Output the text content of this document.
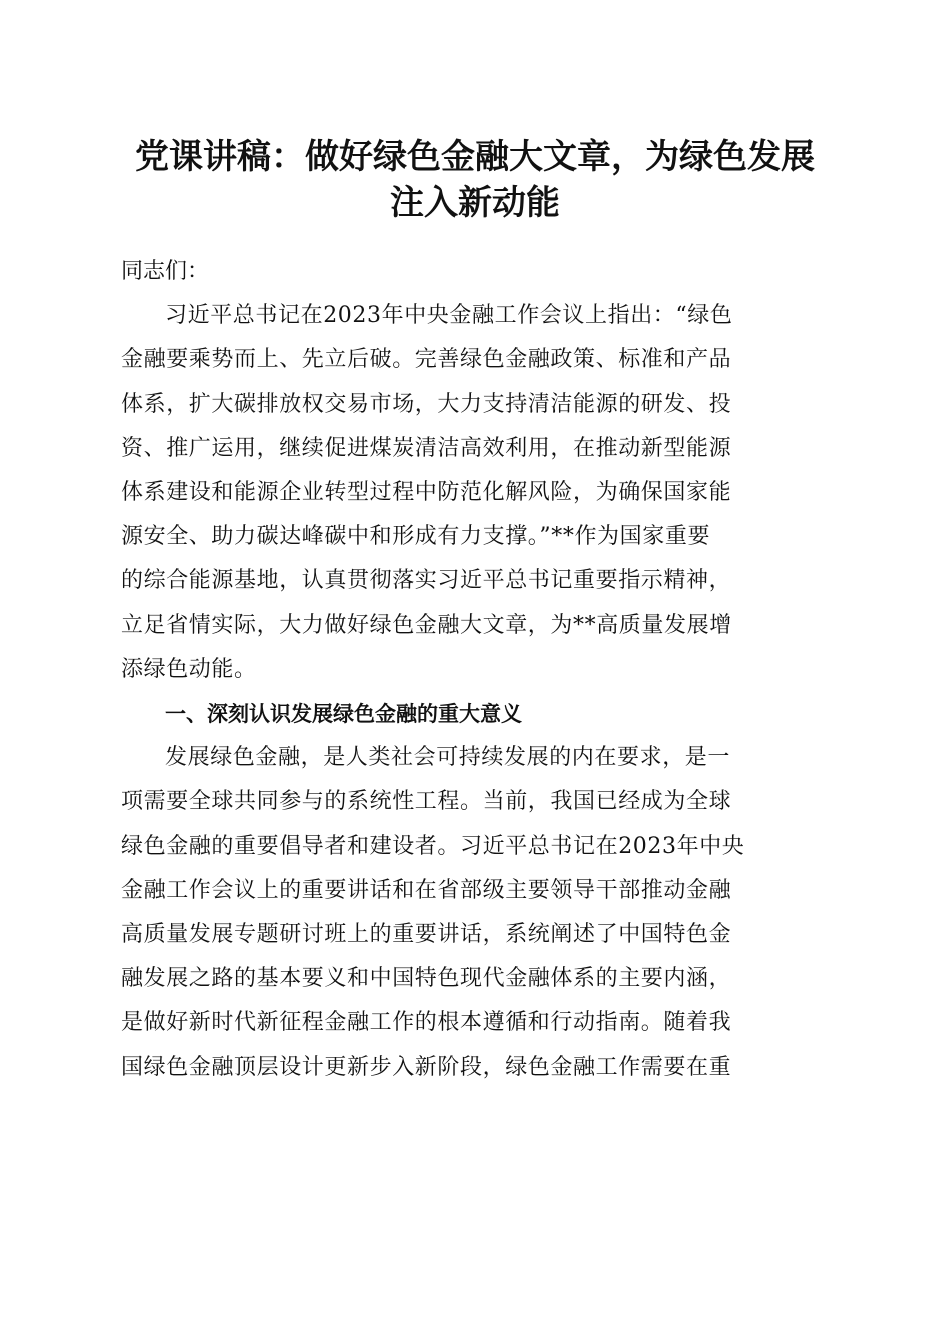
党课讲稿：做好绿色金融大文章，为绿色发展
注入新动能

同志们：

习近平总书记在2023年中央金融工作会议上指出：“绿色
金融要乘势而上、先立后破。完善绿色金融政策、标准和产品
体系，扩大碳排放权交易市场，大力支持清洁能源的研发、投
资、推广运用，继续促进煤炭清洁高效利用，在推动新型能源
体系建设和能源企业转型过程中防范化解风险，为确保国家能
源安全、助力碳达峰碳中和形成有力支撑。”**作为国家重要
的综合能源基地，认真贯彻落实习近平总书记重要指示精神，
立足省情实际，大力做好绿色金融大文章，为**高质量发展增
添绿色动能。

一、深刻认识发展绿色金融的重大意义

发展绿色金融，是人类社会可持续发展的内在要求，是一
项需要全球共同参与的系统性工程。当前，我国已经成为全球
绿色金融的重要倡导者和建设者。习近平总书记在2023年中央
金融工作会议上的重要讲话和在省部级主要领导干部推动金融
高质量发展专题研讨班上的重要讲话，系统阐述了中国特色金
融发展之路的基本要义和中国特色现代金融体系的主要内涵，
是做好新时代新征程金融工作的根本遵循和行动指南。随着我
国绿色金融顶层设计更新步入新阶段，绿色金融工作需要在重
